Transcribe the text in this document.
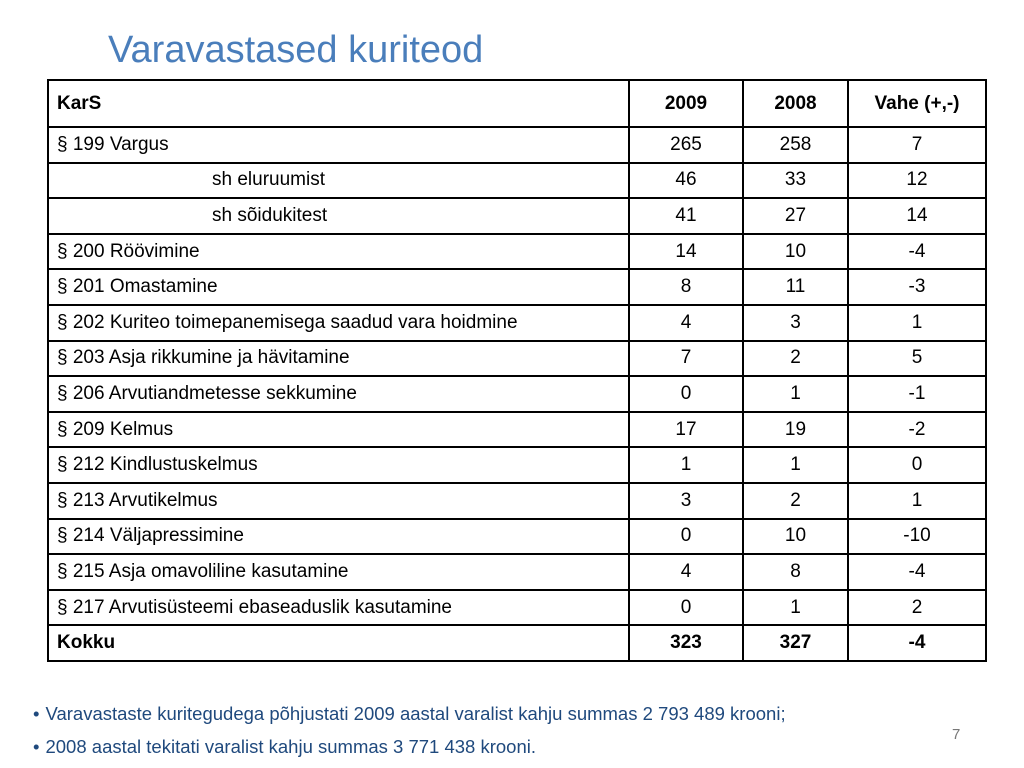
Varavastased kuriteod
KarS	2009	2008	Vahe (+,-)
§ 199 Vargus	265	258	7
sh eluruumist	46	33	12
sh sõidukitest	41	27	14
§ 200 Röövimine	14	10	-4
§ 201 Omastamine	8	11	-3
§ 202 Kuriteo toimepanemisega saadud vara hoidmine	4	3	1
§ 203 Asja rikkumine ja hävitamine	7	2	5
§ 206 Arvutiandmetesse sekkumine	0	1	-1
§ 209 Kelmus	17	19	-2
§ 212 Kindlustuskelmus	1	1	0
§ 213 Arvutikelmus	3	2	1
§ 214 Väljapressimine	0	10	-10
§ 215 Asja omavoliline kasutamine	4	8	-4
§ 217 Arvutisüsteemi ebaseaduslik kasutamine	0	1	2
Kokku	323	327	-4
• Varavastaste kuritegudega põhjustati 2009 aastal varalist kahju summas 2 793 489 krooni;
• 2008 aastal tekitati varalist kahju summas 3 771 438 krooni.
7
